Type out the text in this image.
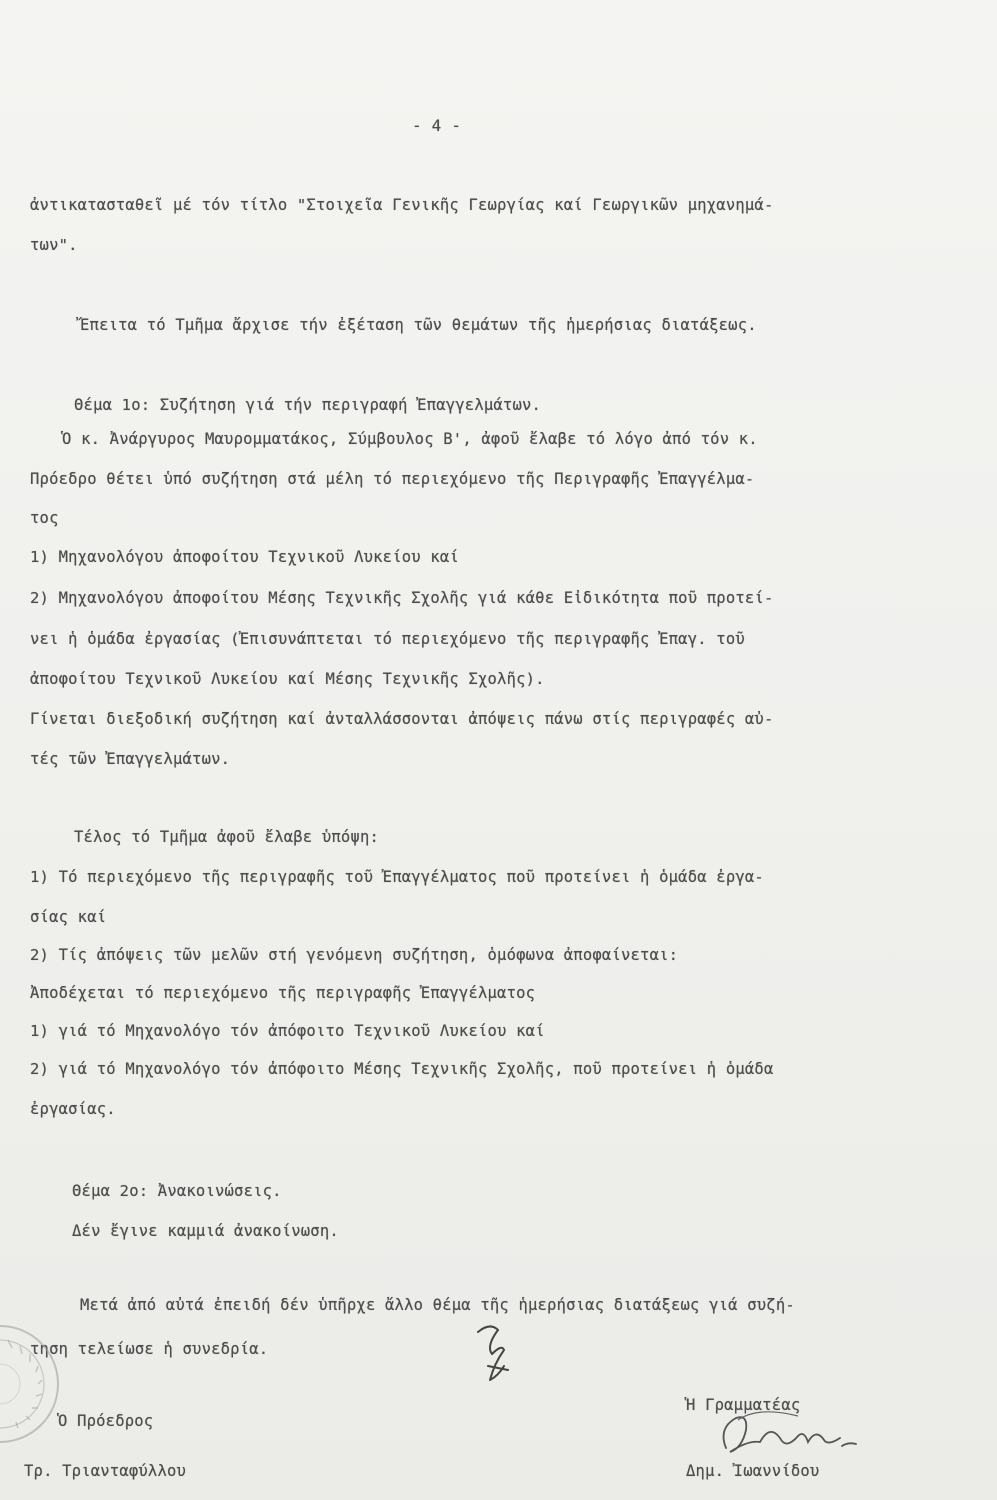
- 4 -
ἀντικατασταθεῖ μέ τόν τίτλο "Στοιχεῖα Γενικῆς Γεωργίας καί Γεωργικῶν μηχανημά-
των".
Ἔπειτα τό Τμῆμα ἄρχισε τήν ἐξέταση τῶν θεμάτων τῆς ἡμερήσιας διατάξεως.
Θέμα 1ο: Συζήτηση γιά τήν περιγραφή Ἐπαγγελμάτων.
Ὁ κ. Ἀνάργυρος Μαυρομματάκος, Σύμβουλος Β', ἀφοῦ ἔλαβε τό λόγο ἀπό τόν κ.
Πρόεδρο θέτει ὑπό συζήτηση στά μέλη τό περιεχόμενο τῆς Περιγραφῆς Ἐπαγγέλμα-
τος
1) Μηχανολόγου ἀποφοίτου Τεχνικοῦ Λυκείου καί
2) Μηχανολόγου ἀποφοίτου Μέσης Τεχνικῆς Σχολῆς γιά κάθε Εἰδικότητα ποῦ προτεί-
νει ἡ ὁμάδα ἐργασίας (Ἐπισυνάπτεται τό περιεχόμενο τῆς περιγραφῆς Ἐπαγ. τοῦ
ἀποφοίτου Τεχνικοῦ Λυκείου καί Μέσης Τεχνικῆς Σχολῆς).
Γίνεται διεξοδική συζήτηση καί ἀνταλλάσσονται ἀπόψεις πάνω στίς περιγραφές αὐ-
τές τῶν Ἐπαγγελμάτων.
Τέλος τό Τμῆμα ἀφοῦ ἔλαβε ὑπόψη:
1) Τό περιεχόμενο τῆς περιγραφῆς τοῦ Ἐπαγγέλματος ποῦ προτείνει ἡ ὁμάδα ἐργα-
σίας καί
2) Τίς ἀπόψεις τῶν μελῶν στή γενόμενη συζήτηση, ὁμόφωνα ἀποφαίνεται:
Ἀποδέχεται τό περιεχόμενο τῆς περιγραφῆς Ἐπαγγέλματος
1) γιά τό Μηχανολόγο τόν ἀπόφοιτο Τεχνικοῦ Λυκείου καί
2) γιά τό Μηχανολόγο τόν ἀπόφοιτο Μέσης Τεχνικῆς Σχολῆς, ποῦ προτείνει ἡ ὁμάδα
ἐργασίας.
Θέμα 2ο: Ἀνακοινώσεις.
Δέν ἔγινε καμμιά ἀνακοίνωση.
Μετά ἀπό αὐτά ἐπειδή δέν ὑπῆρχε ἄλλο θέμα τῆς ἡμερήσιας διατάξεως γιά συζή-
τηση τελείωσε ἡ συνεδρία.
Ὁ Πρόεδρος
Τρ. Τριανταφύλλου
Ἡ Γραμματέας
Δημ. Ἰωαννίδου
